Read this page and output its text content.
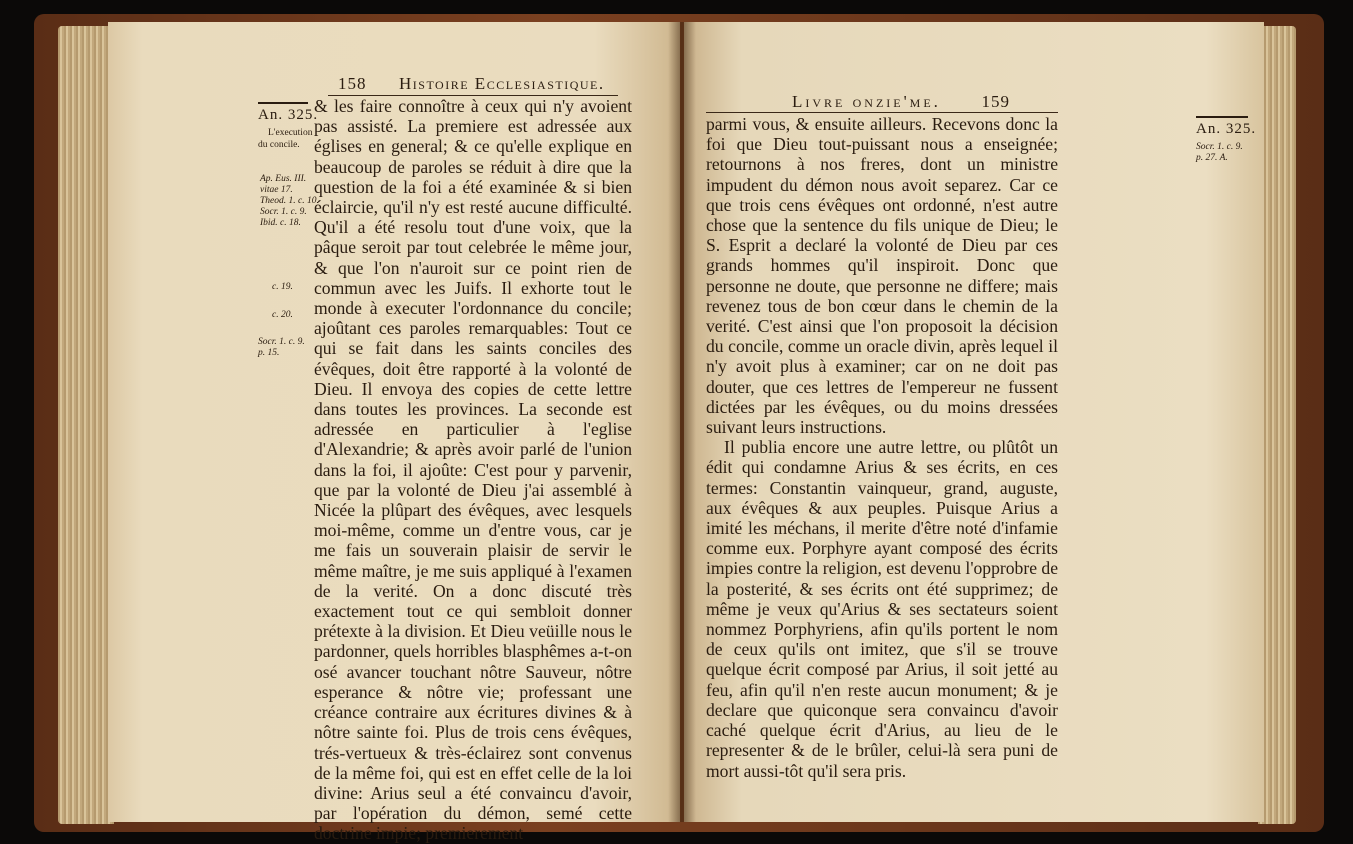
158 Histoire Ecclesiastique.
An. 325.
L'execution
du concile.
Ap. Eus. III.
vitae 17.
Theod. 1. c. 10.
Socr. 1. c. 9.
Ibid. c. 18.
c. 19.
c. 20.
Socr. 1. c. 9.
p. 15.

& les faire connoître à ceux qui n'y avoient pas assisté. La premiere est adressée aux églises en general; & ce qu'elle explique en beaucoup de paroles se réduit à dire que la question de la foi a été examinée & si bien éclaircie, qu'il n'y est resté aucune difficulté. Qu'il a été resolu tout d'une voix, que la pâque seroit par tout celebrée le même jour, & que l'on n'auroit sur ce point rien de commun avec les Juifs. Il exhorte tout le monde à executer l'ordonnance du concile; ajoûtant ces paroles remarquables: Tout ce qui se fait dans les saints conciles des évêques, doit être rapporté à la volonté de Dieu. Il envoya des copies de cette lettre dans toutes les provinces. La seconde est adressée en particulier à l'eglise d'Alexandrie; & après avoir parlé de l'union dans la foi, il ajoûte: C'est pour y parvenir, que par la volonté de Dieu j'ai assemblé à Nicée la plûpart des évêques, avec lesquels moi-même, comme un d'entre vous, car je me fais un souverain plaisir de servir le même maître, je me suis appliqué à l'examen de la verité. On a donc discuté très exactement tout ce qui sembloit donner prétexte à la division. Et Dieu veüille nous le pardonner, quels horribles blasphêmes a-t-on osé avancer touchant nôtre Sauveur, nôtre esperance & nôtre vie; professant une créance contraire aux écritures divines & à nôtre sainte foi. Plus de trois cens évêques, trés-vertueux & très-éclairez sont convenus de la même foi, qui est en effet celle de la loi divine: Arius seul a été convaincu d'avoir, par l'opération du démon, semé cette doctrine impie; premierement

Livre onzie'me. 159
An. 325.
Socr. 1. c. 9.
p. 27. A.

parmi vous, & ensuite ailleurs. Recevons donc la foi que Dieu tout-puissant nous a enseignée; retournons à nos freres, dont un ministre impudent du démon nous avoit separez. Car ce que trois cens évêques ont ordonné, n'est autre chose que la sentence du fils unique de Dieu; le S. Esprit a declaré la volonté de Dieu par ces grands hommes qu'il inspiroit. Donc que personne ne doute, que personne ne differe; mais revenez tous de bon cœur dans le chemin de la verité. C'est ainsi que l'on proposoit la décision du concile, comme un oracle divin, après lequel il n'y avoit plus à examiner; car on ne doit pas douter, que ces lettres de l'empereur ne fussent dictées par les évêques, ou du moins dressées suivant leurs instructions.

Il publia encore une autre lettre, ou plûtôt un édit qui condamne Arius & ses écrits, en ces termes: Constantin vainqueur, grand, auguste, aux évêques & aux peuples. Puisque Arius a imité les méchans, il merite d'être noté d'infamie comme eux. Porphyre ayant composé des écrits impies contre la religion, est devenu l'opprobre de la posterité, & ses écrits ont été supprimez; de même je veux qu'Arius & ses sectateurs soient nommez Porphyriens, afin qu'ils portent le nom de ceux qu'ils ont imitez, que s'il se trouve quelque écrit composé par Arius, il soit jetté au feu, afin qu'il n'en reste aucun monument; & je declare que quiconque sera convaincu d'avoir caché quelque écrit d'Arius, au lieu de le representer & de le brûler, celui-là sera puni de mort aussi-tôt qu'il sera pris.
